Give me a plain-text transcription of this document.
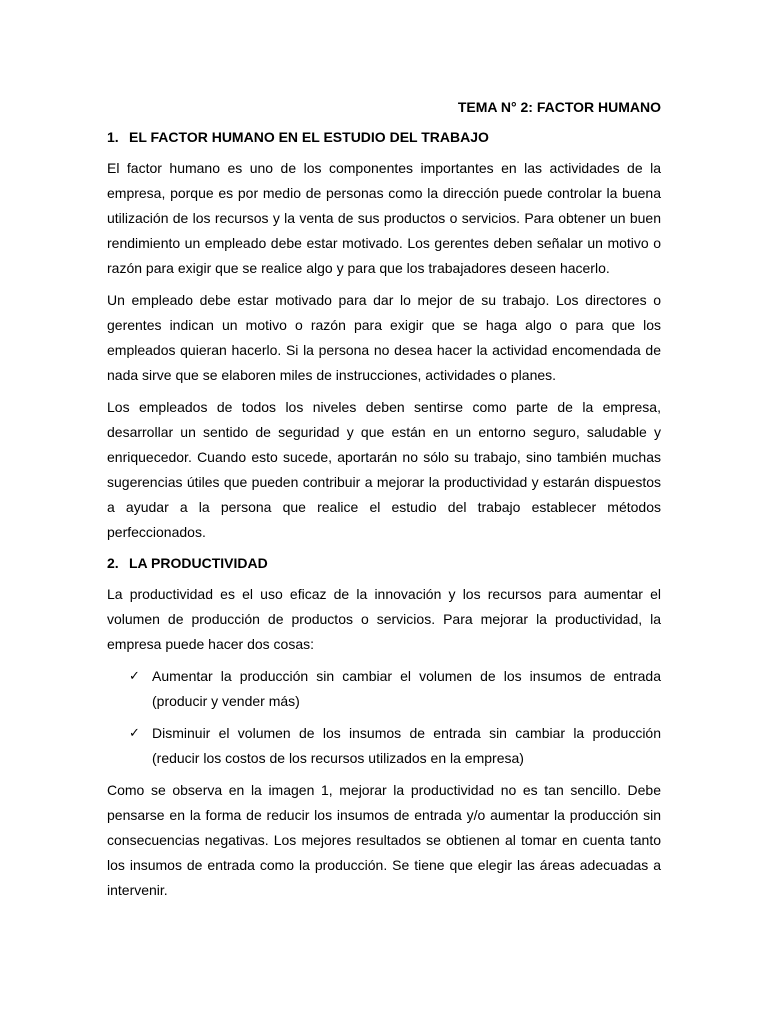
TEMA N° 2: FACTOR HUMANO
1. EL FACTOR HUMANO EN EL ESTUDIO DEL TRABAJO

El factor humano es uno de los componentes importantes en las actividades de la empresa, porque es por medio de personas como la dirección puede controlar la buena utilización de los recursos y la venta de sus productos o servicios. Para obtener un buen rendimiento un empleado debe estar motivado. Los gerentes deben señalar un motivo o razón para exigir que se realice algo y para que los trabajadores deseen hacerlo.

Un empleado debe estar motivado para dar lo mejor de su trabajo. Los directores o gerentes indican un motivo o razón para exigir que se haga algo o para que los empleados quieran hacerlo. Si la persona no desea hacer la actividad encomendada de nada sirve que se elaboren miles de instrucciones, actividades o planes.

Los empleados de todos los niveles deben sentirse como parte de la empresa, desarrollar un sentido de seguridad y que están en un entorno seguro, saludable y enriquecedor. Cuando esto sucede, aportarán no sólo su trabajo, sino también muchas sugerencias útiles que pueden contribuir a mejorar la productividad y estarán dispuestos a ayudar a la persona que realice el estudio del trabajo establecer métodos perfeccionados.

2. LA PRODUCTIVIDAD

La productividad es el uso eficaz de la innovación y los recursos para aumentar el volumen de producción de productos o servicios. Para mejorar la productividad, la empresa puede hacer dos cosas:

✓ Aumentar la producción sin cambiar el volumen de los insumos de entrada (producir y vender más)
✓ Disminuir el volumen de los insumos de entrada sin cambiar la producción (reducir los costos de los recursos utilizados en la empresa)

Como se observa en la imagen 1, mejorar la productividad no es tan sencillo. Debe pensarse en la forma de reducir los insumos de entrada y/o aumentar la producción sin consecuencias negativas. Los mejores resultados se obtienen al tomar en cuenta tanto los insumos de entrada como la producción. Se tiene que elegir las áreas adecuadas a intervenir.
